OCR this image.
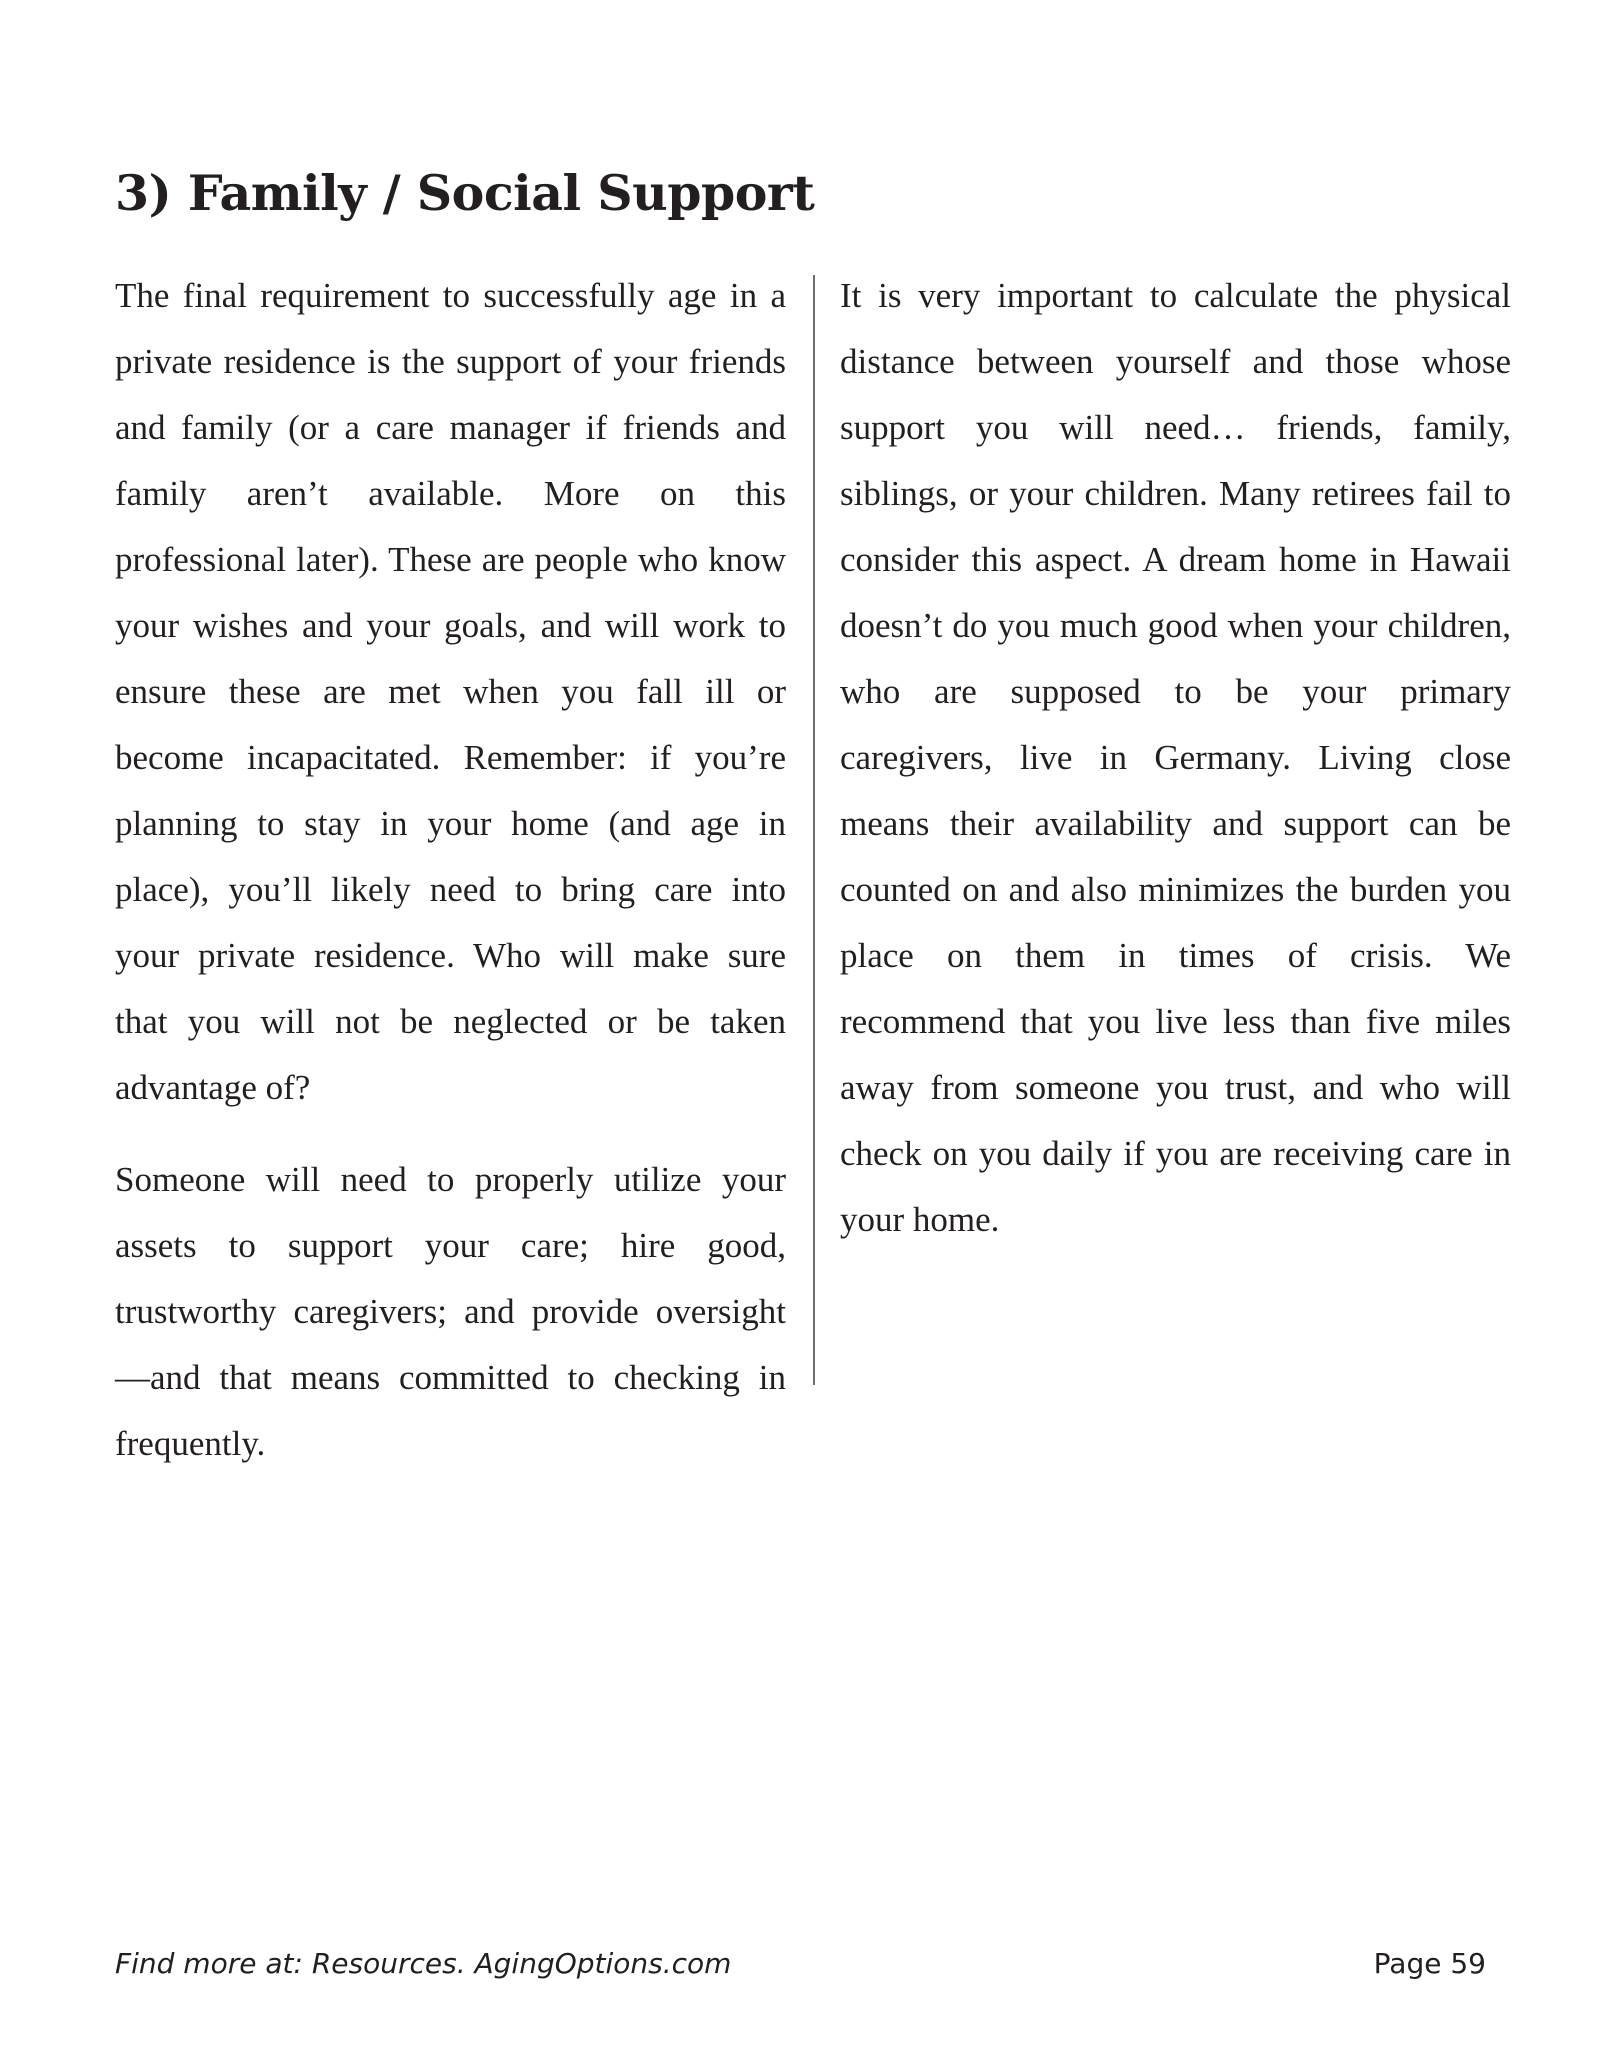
3) Family / Social Support

The final requirement to successfully age in a private residence is the support of your friends and family (or a care manager if friends and family aren’t available. More on this professional later). These are people who know your wishes and your goals, and will work to ensure these are met when you fall ill or become incapacitated. Remember: if you’re planning to stay in your home (and age in place), you’ll likely need to bring care into your private residence. Who will make sure that you will not be neglected or be taken advantage of?

Someone will need to properly utilize your assets to support your care; hire good, trustworthy caregivers; and provide oversight—and that means committed to checking in frequently.

It is very important to calculate the physical distance between yourself and those whose support you will need… friends, family, siblings, or your children. Many retirees fail to consider this aspect. A dream home in Hawaii doesn’t do you much good when your children, who are supposed to be your primary caregivers, live in Germany. Living close means their availability and support can be counted on and also minimizes the burden you place on them in times of crisis. We recommend that you live less than five miles away from someone you trust, and who will check on you daily if you are receiving care in your home.

Find more at: Resources. AgingOptions.com	Page 59
